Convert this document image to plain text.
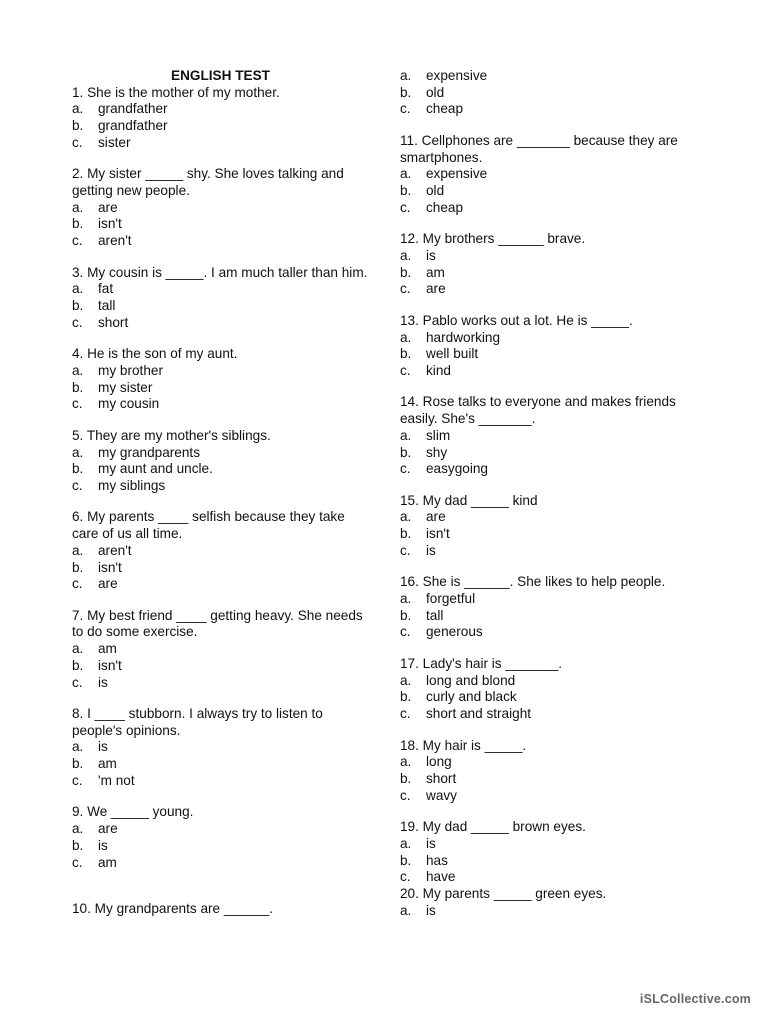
ENGLISH TEST
1. She is the mother of my mother.
a.	grandfather
b.	grandfather
c.	sister
2. My sister _____ shy. She loves talking and getting new people.
a.	are
b.	isn't
c.	aren't
3. My cousin is _____. I am much taller than him.
a.	fat
b.	tall
c.	short
4. He is the son of my aunt.
a.	my brother
b.	my sister
c.	my cousin
5. They are my mother's siblings.
a.	my grandparents
b.	my aunt and uncle.
c.	my siblings
6. My parents ____ selfish because they take care of us all time.
a.	aren't
b.	isn't
c.	are
7. My best friend ____ getting heavy. She needs to do some exercise.
a.	am
b.	isn't
c.	is
8. I ____ stubborn. I always try to listen to people's opinions.
a.	is
b.	am
c.	'm not
9. We _____ young.
a.	are
b.	is
c.	am
10. My grandparents are ______.
a.	expensive
b.	old
c.	cheap
11. Cellphones are _______ because they are smartphones.
a.	expensive
b.	old
c.	cheap
12. My brothers ______ brave.
a.	is
b.	am
c.	are
13. Pablo works out a lot. He is _____.
a.	hardworking
b.	well built
c.	kind
14. Rose talks to everyone and makes friends easily. She's _______.
a.	slim
b.	shy
c.	easygoing
15. My dad _____ kind
a.	are
b.	isn't
c.	is
16. She is ______. She likes to help people.
a.	forgetful
b.	tall
c.	generous
17. Lady's hair is _______.
a.	long and blond
b.	curly and black
c.	short and straight
18. My hair is _____.
a.	long
b.	short
c.	wavy
19. My dad _____ brown eyes.
a.	is
b.	has
c.	have
20. My parents _____ green eyes.
a.	is
iSLCollective.com
